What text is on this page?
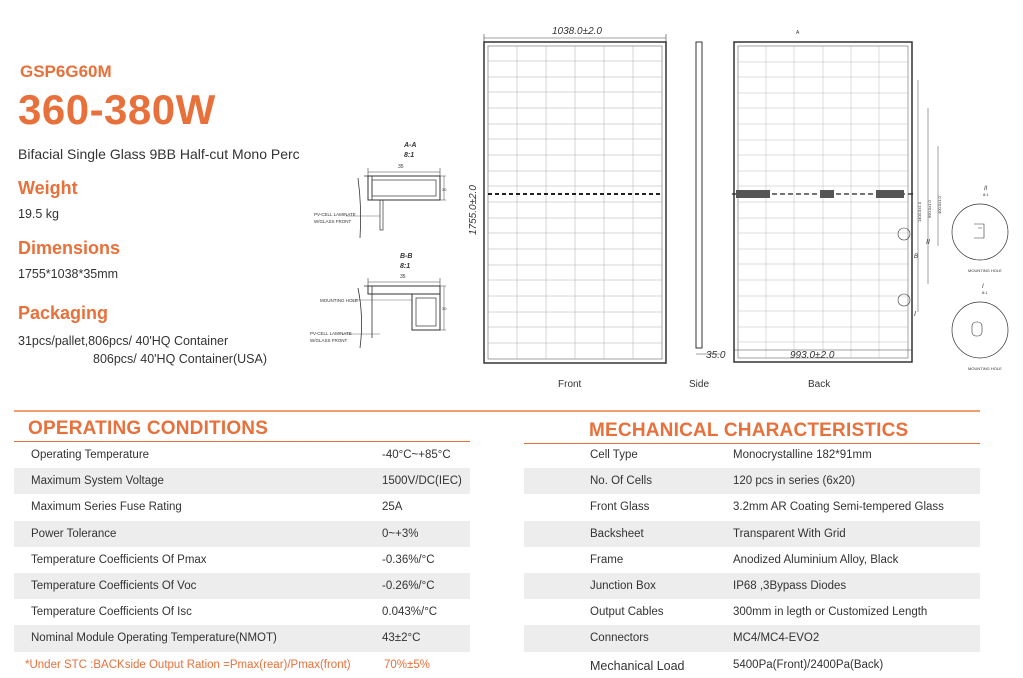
GSP6G60M
360-380W
Bifacial Single Glass 9BB Half-cut Mono Perc
Weight
19.5 kg
Dimensions
1755*1038*35mm
Packaging
31pcs/pallet,806pcs/ 40'HQ Container
806pcs/ 40'HQ Container(USA)
A-A
8:1
35
30
PV-CELL LAMINATE
W/GLASS FRONT
B-B
8:1
35
30
MOUNTING HOLE
PV-CELL LAMINATE
W/GLASS FRONT
1038.0±2.0
1755.0±2.0
35.0
A
1400.0±1.0 990.0±1.0 400.0±1.0
B
II
I
993.0±2.0
II
8:1
MOUNTING HOLE
I
8:1
MOUNTING HOLE
Front	Side	Back
OPERATING CONDITIONS	MECHANICAL CHARACTERISTICS
Operating Temperature	-40°C~+85°C
Maximum System Voltage	1500V/DC(IEC)
Maximum Series Fuse Rating	25A
Power Tolerance	0~+3%
Temperature Coefficients Of Pmax	-0.36%/°C
Temperature Coefficients Of Voc	-0.26%/°C
Temperature Coefficients Of Isc	0.043%/°C
Nominal Module Operating Temperature(NMOT)	43±2°C
*Under STC :BACKside Output Ration =Pmax(rear)/Pmax(front)	70%±5%
Cell Type	Monocrystalline 182*91mm
No. Of Cells	120 pcs in series (6x20)
Front Glass	3.2mm AR Coating Semi-tempered Glass
Backsheet	Transparent With Grid
Frame	Anodized Aluminium Alloy, Black
Junction Box	IP68 ,3Bypass Diodes
Output Cables	300mm in legth or Customized Length
Connectors	MC4/MC4-EVO2
Mechanical Load	5400Pa(Front)/2400Pa(Back)
